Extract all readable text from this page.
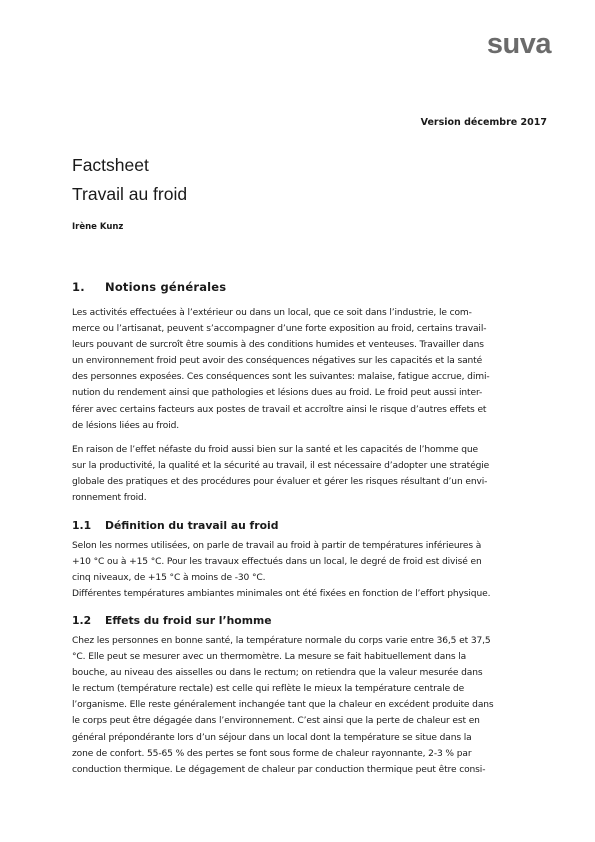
suva
Version décembre 2017
Factsheet
Travail au froid
Irène Kunz
1. Notions générales
Les activités effectuées à l’extérieur ou dans un local, que ce soit dans l’industrie, le com-
merce ou l’artisanat, peuvent s’accompagner d’une forte exposition au froid, certains travail-
leurs pouvant de surcroît être soumis à des conditions humides et venteuses. Travailler dans
un environnement froid peut avoir des conséquences négatives sur les capacités et la santé
des personnes exposées. Ces conséquences sont les suivantes: malaise, fatigue accrue, dimi-
nution du rendement ainsi que pathologies et lésions dues au froid. Le froid peut aussi inter-
férer avec certains facteurs aux postes de travail et accroître ainsi le risque d’autres effets et
de lésions liées au froid.
En raison de l’effet néfaste du froid aussi bien sur la santé et les capacités de l’homme que
sur la productivité, la qualité et la sécurité au travail, il est nécessaire d’adopter une stratégie
globale des pratiques et des procédures pour évaluer et gérer les risques résultant d’un envi-
ronnement froid.
1.1 Définition du travail au froid
Selon les normes utilisées, on parle de travail au froid à partir de températures inférieures à
+10 °C ou à +15 °C. Pour les travaux effectués dans un local, le degré de froid est divisé en
cinq niveaux, de +15 °C à moins de -30 °C.
Différentes températures ambiantes minimales ont été fixées en fonction de l’effort physique.
1.2 Effets du froid sur l’homme
Chez les personnes en bonne santé, la température normale du corps varie entre 36,5 et 37,5
°C. Elle peut se mesurer avec un thermomètre. La mesure se fait habituellement dans la
bouche, au niveau des aisselles ou dans le rectum; on retiendra que la valeur mesurée dans
le rectum (température rectale) est celle qui reflète le mieux la température centrale de
l’organisme. Elle reste généralement inchangée tant que la chaleur en excédent produite dans
le corps peut être dégagée dans l’environnement. C’est ainsi que la perte de chaleur est en
général prépondérante lors d’un séjour dans un local dont la température se situe dans la
zone de confort. 55-65 % des pertes se font sous forme de chaleur rayonnante, 2-3 % par
conduction thermique. Le dégagement de chaleur par conduction thermique peut être consi-
